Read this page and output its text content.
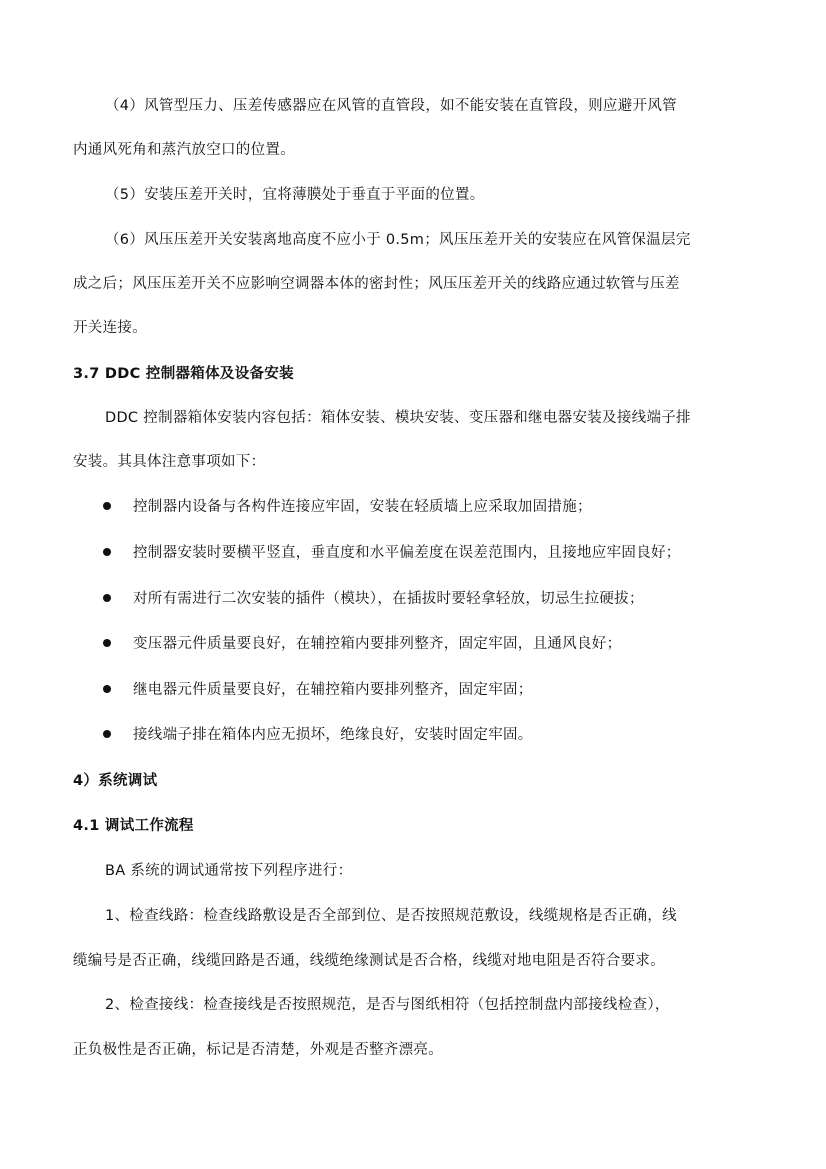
（4）风管型压力、压差传感器应在风管的直管段，如不能安装在直管段，则应避开风管
内通风死角和蒸汽放空口的位置。
（5）安装压差开关时，宜将薄膜处于垂直于平面的位置。
（6）风压压差开关安装离地高度不应小于 0.5m；风压压差开关的安装应在风管保温层完
成之后；风压压差开关不应影响空调器本体的密封性；风压压差开关的线路应通过软管与压差
开关连接。
3.7 DDC 控制器箱体及设备安装
DDC 控制器箱体安装内容包括：箱体安装、模块安装、变压器和继电器安装及接线端子排
安装。其具体注意事项如下：
控制器内设备与各构件连接应牢固，安装在轻质墙上应采取加固措施；
控制器安装时要横平竖直，垂直度和水平偏差度在误差范围内，且接地应牢固良好；
对所有需进行二次安装的插件（模块），在插拔时要轻拿轻放，切忌生拉硬拔；
变压器元件质量要良好，在辅控箱内要排列整齐，固定牢固，且通风良好；
继电器元件质量要良好，在辅控箱内要排列整齐，固定牢固；
接线端子排在箱体内应无损坏，绝缘良好，安装时固定牢固。
4）系统调试
4.1 调试工作流程
BA 系统的调试通常按下列程序进行：
1、检查线路：检查线路敷设是否全部到位、是否按照规范敷设，线缆规格是否正确，线
缆编号是否正确，线缆回路是否通，线缆绝缘测试是否合格，线缆对地电阻是否符合要求。
2、检查接线：检查接线是否按照规范，是否与图纸相符（包括控制盘内部接线检查），
正负极性是否正确，标记是否清楚，外观是否整齐漂亮。
